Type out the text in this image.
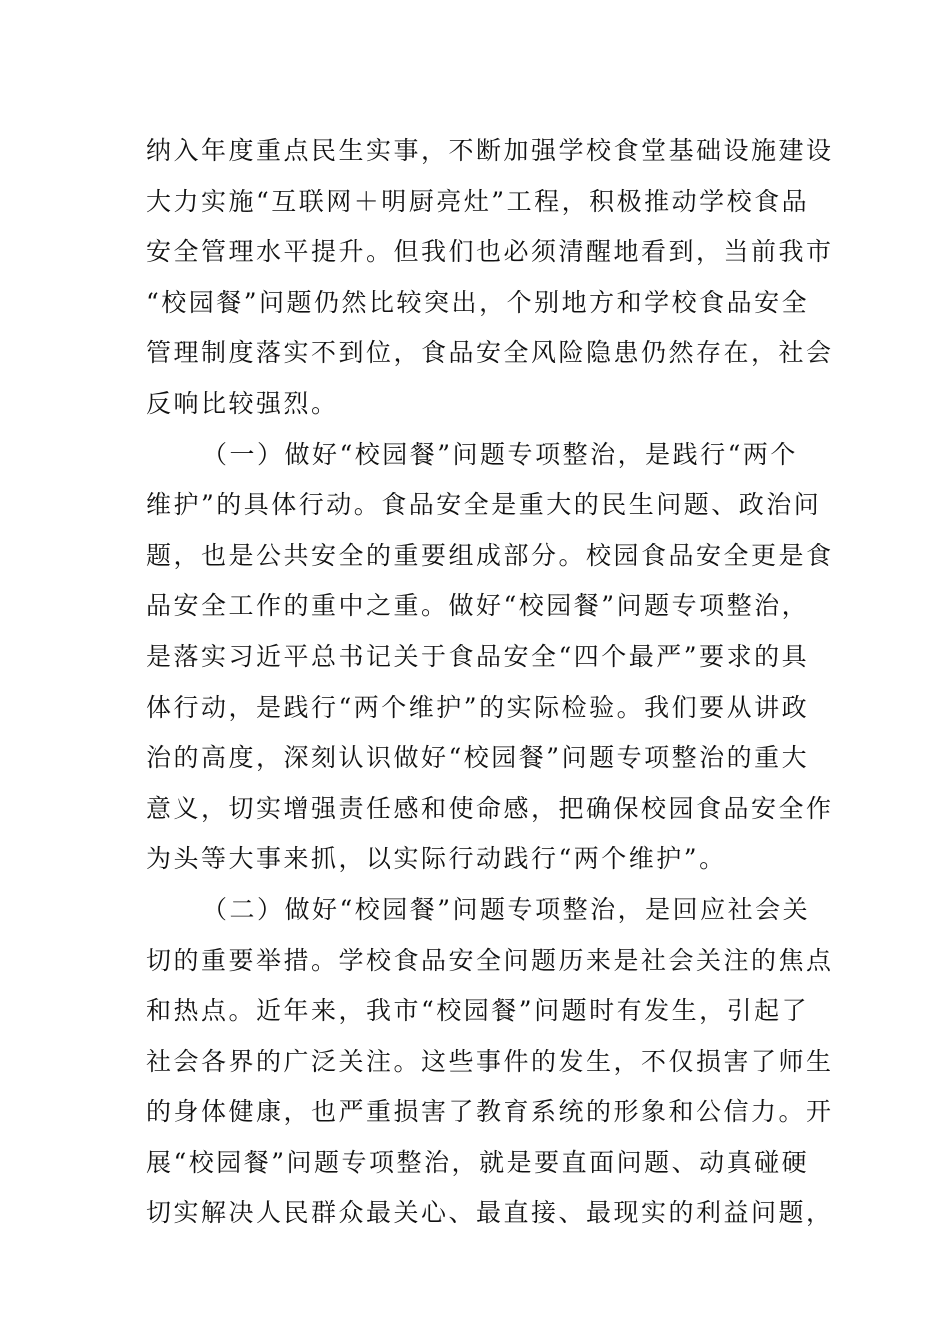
纳入年度重点民生实事，不断加强学校食堂基础设施建设
大力实施“互联网＋明厨亮灶”工程，积极推动学校食品
安全管理水平提升。但我们也必须清醒地看到，当前我市
“校园餐”问题仍然比较突出，个别地方和学校食品安全
管理制度落实不到位，食品安全风险隐患仍然存在，社会
反响比较强烈。
（一）做好“校园餐”问题专项整治，是践行“两个
维护”的具体行动。食品安全是重大的民生问题、政治问
题，也是公共安全的重要组成部分。校园食品安全更是食
品安全工作的重中之重。做好“校园餐”问题专项整治，
是落实习近平总书记关于食品安全“四个最严”要求的具
体行动，是践行“两个维护”的实际检验。我们要从讲政
治的高度，深刻认识做好“校园餐”问题专项整治的重大
意义，切实增强责任感和使命感，把确保校园食品安全作
为头等大事来抓，以实际行动践行“两个维护”。
（二）做好“校园餐”问题专项整治，是回应社会关
切的重要举措。学校食品安全问题历来是社会关注的焦点
和热点。近年来，我市“校园餐”问题时有发生，引起了
社会各界的广泛关注。这些事件的发生，不仅损害了师生
的身体健康，也严重损害了教育系统的形象和公信力。开
展“校园餐”问题专项整治，就是要直面问题、动真碰硬
切实解决人民群众最关心、最直接、最现实的利益问题，
